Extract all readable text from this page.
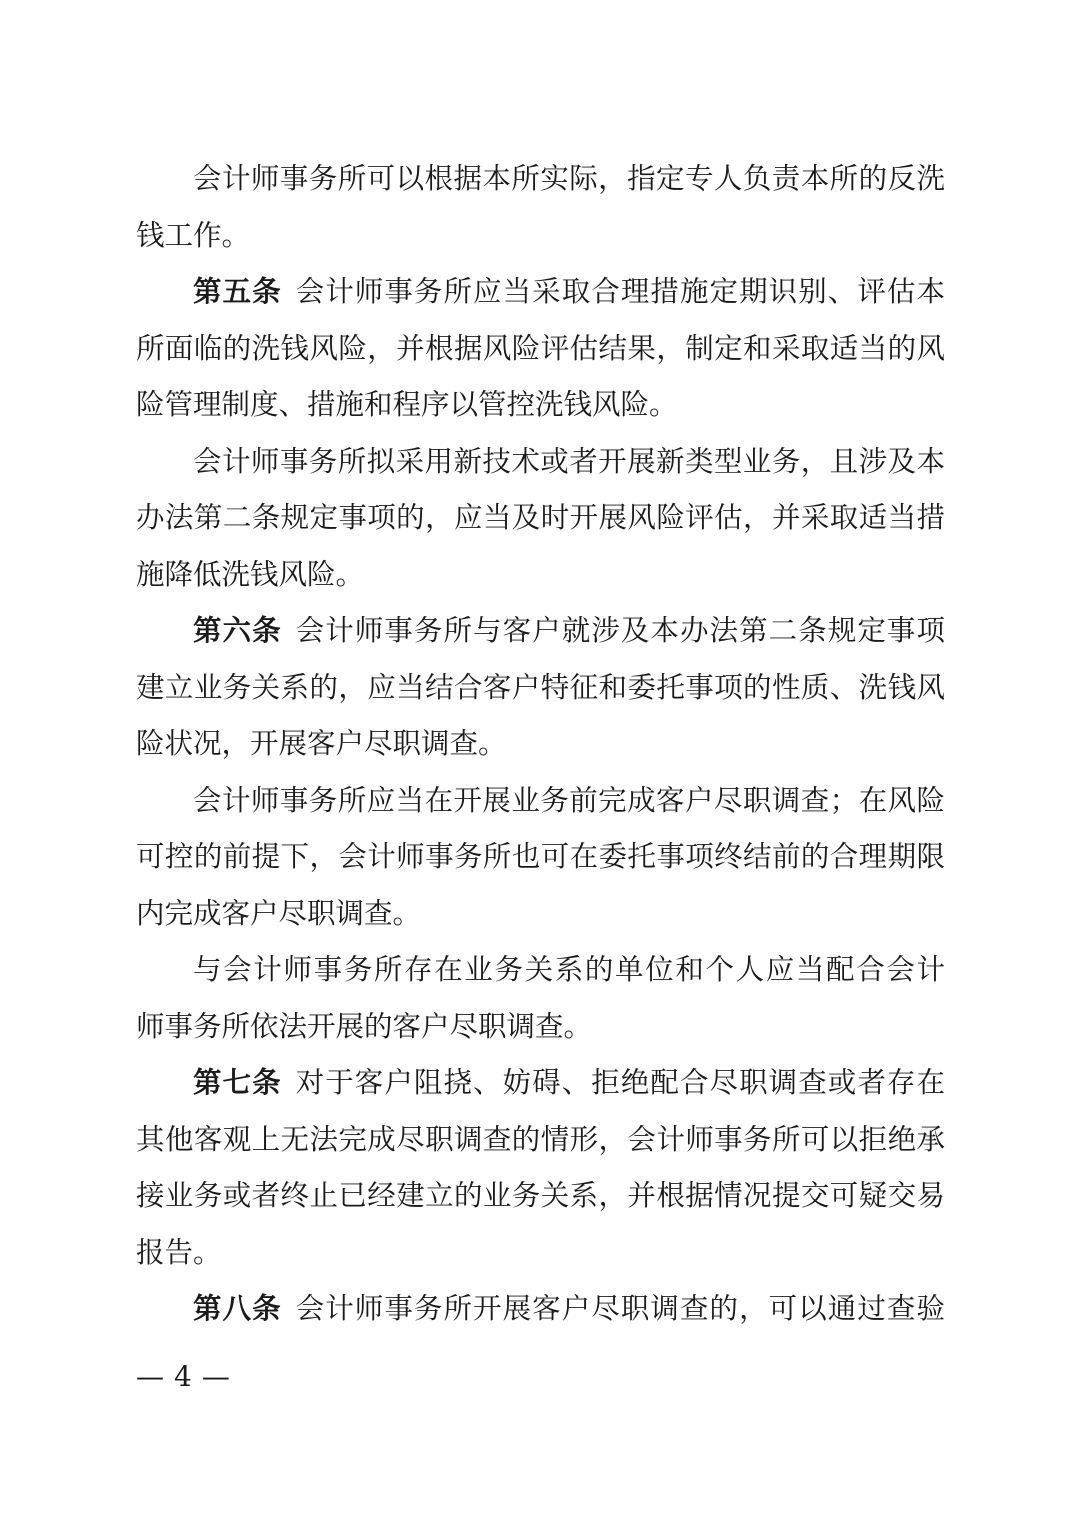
会计师事务所可以根据本所实际，指定专人负责本所的反洗
钱工作。
第五条 会计师事务所应当采取合理措施定期识别、评估本
所面临的洗钱风险，并根据风险评估结果，制定和采取适当的风
险管理制度、措施和程序以管控洗钱风险。
会计师事务所拟采用新技术或者开展新类型业务，且涉及本
办法第二条规定事项的，应当及时开展风险评估，并采取适当措
施降低洗钱风险。
第六条 会计师事务所与客户就涉及本办法第二条规定事项
建立业务关系的，应当结合客户特征和委托事项的性质、洗钱风
险状况，开展客户尽职调查。
会计师事务所应当在开展业务前完成客户尽职调查；在风险
可控的前提下，会计师事务所也可在委托事项终结前的合理期限
内完成客户尽职调查。
与会计师事务所存在业务关系的单位和个人应当配合会计
师事务所依法开展的客户尽职调查。
第七条 对于客户阻挠、妨碍、拒绝配合尽职调查或者存在
其他客观上无法完成尽职调查的情形，会计师事务所可以拒绝承
接业务或者终止已经建立的业务关系，并根据情况提交可疑交易
报告。
第八条 会计师事务所开展客户尽职调查的，可以通过查验
— 4 —
